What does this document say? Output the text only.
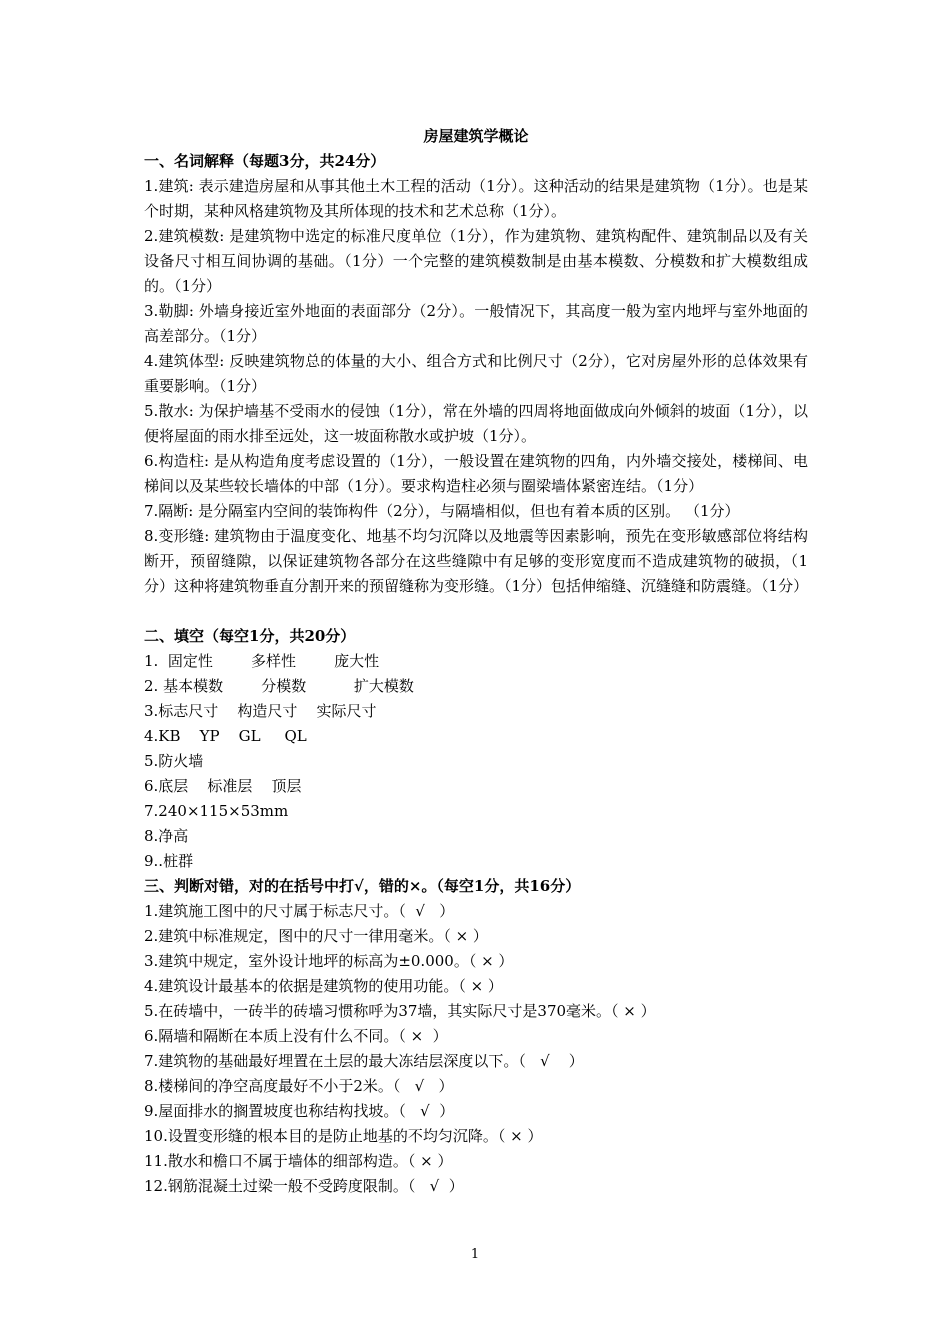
房屋建筑学概论
一、名词解释（每题3分，共24分）
1.建筑: 表示建造房屋和从事其他土木工程的活动（1分）。这种活动的结果是建筑物（1分）。也是某个时期，某种风格建筑物及其所体现的技术和艺术总称（1分）。
2.建筑模数: 是建筑物中选定的标准尺度单位（1分），作为建筑物、建筑构配件、建筑制品以及有关设备尺寸相互间协调的基础。（1分）一个完整的建筑模数制是由基本模数、分模数和扩大模数组成的。（1分）
3.勒脚: 外墙身接近室外地面的表面部分（2分）。一般情况下，其高度一般为室内地坪与室外地面的高差部分。（1分）
4.建筑体型: 反映建筑物总的体量的大小、组合方式和比例尺寸（2分），它对房屋外形的总体效果有重要影响。（1分）
5.散水: 为保护墙基不受雨水的侵蚀（1分），常在外墙的四周将地面做成向外倾斜的坡面（1分），以便将屋面的雨水排至远处，这一坡面称散水或护坡（1分）。
6.构造柱: 是从构造角度考虑设置的（1分），一般设置在建筑物的四角，内外墙交接处，楼梯间、电梯间以及某些较长墙体的中部（1分）。要求构造柱必须与圈梁墙体紧密连结。（1分）
7.隔断: 是分隔室内空间的装饰构件（2分），与隔墙相似，但也有着本质的区别。 （1分）
8.变形缝: 建筑物由于温度变化、地基不均匀沉降以及地震等因素影响，预先在变形敏感部位将结构断开，预留缝隙，以保证建筑物各部分在这些缝隙中有足够的变形宽度而不造成建筑物的破损，（1分）这种将建筑物垂直分割开来的预留缝称为变形缝。（1分）包括伸缩缝、沉缝缝和防震缝。（1分）
二、填空（每空1分，共20分）
1.  固定性        多样性        庞大性
2. 基本模数        分模数          扩大模数
3.标志尺寸    构造尺寸    实际尺寸
4.KB    YP    GL     QL
5.防火墙
6.底层    标准层    顶层
7.240×115×53mm
8.净高
9..桩群
三、判断对错，对的在括号中打√，错的×。（每空1分，共16分）
1.建筑施工图中的尺寸属于标志尺寸。（  √   ）
2.建筑中标准规定，图中的尺寸一律用毫米。（ × ）
3.建筑中规定，室外设计地坪的标高为±0.000。（ × ）
4.建筑设计最基本的依据是建筑物的使用功能。（ × ）
5.在砖墙中，一砖半的砖墙习惯称呼为37墙，其实际尺寸是370毫米。（ × ）
6.隔墙和隔断在本质上没有什么不同。（ ×  ）
7.建筑物的基础最好埋置在土层的最大冻结层深度以下。（   √    ）
8.楼梯间的净空高度最好不小于2米。（   √   ）
9.屋面排水的搁置坡度也称结构找坡。（   √  ）
10.设置变形缝的根本目的是防止地基的不均匀沉降。（ × ）
11.散水和檐口不属于墙体的细部构造。（ × ）
12.钢筋混凝土过梁一般不受跨度限制。（   √  ）
1
